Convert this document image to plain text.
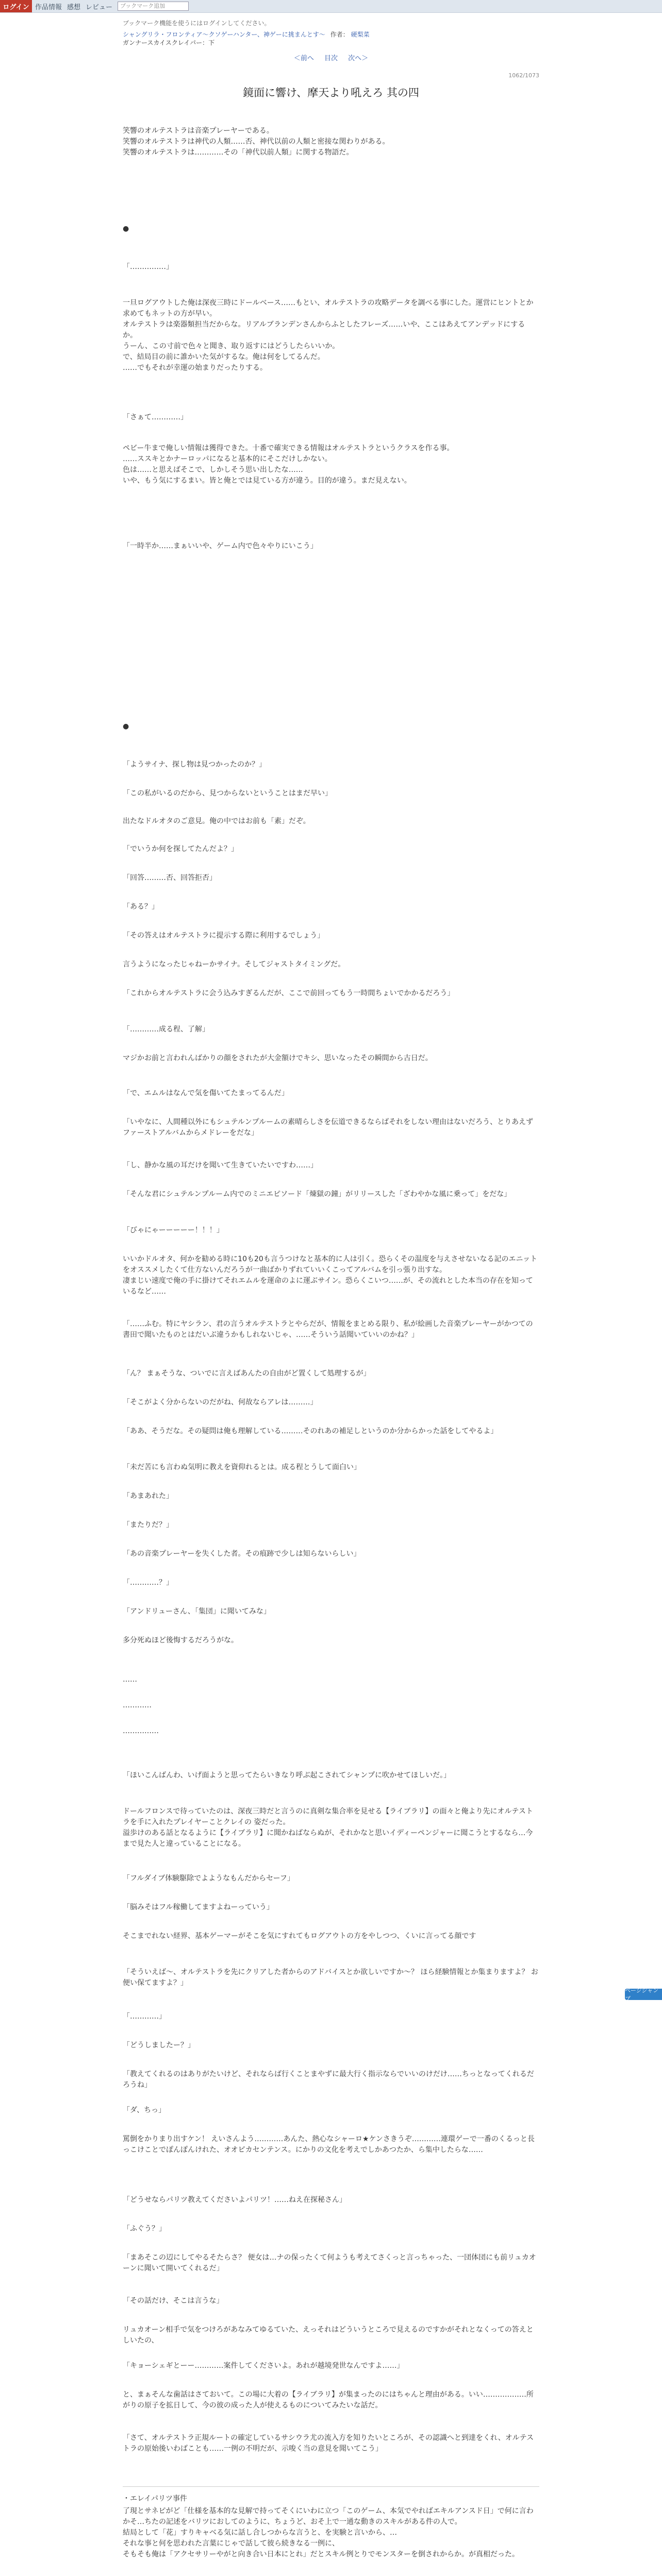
ログイン 作品情報 感想 レビュー	ブックマーク追加
ブックマーク機能を使うにはログインしてください。
シャングリラ・フロンティア〜クソゲーハンター、神ゲーに挑まんとす〜 作者： 硬梨菜
ガンナースカイスクレイパー：下
＜前へ 目次 次へ＞
1062/1073
鏡面に響け、摩天より吼えろ 其の四
笑響のオルテストラは音楽プレーヤーである。
笑響のオルテストラは神代の人類……否、神代以前の人類と密接な関わりがある。
笑響のオルテストラは…………その「神代以前人類」に関する物語だ。
●
「……………」
一旦ログアウトした俺は深夜三時にドールベース……もとい、オルテストラの攻略データを調べる事にした。運営にヒントとか求めてもネットの方が早い。
オルテストラは楽器類担当だからな。リアルブランデンさんからふとしたフレーズ……いや、ここはあえてアンデッドにするか。
うーん、この寸前で色々と聞き、取り返すにはどうしたらいいか。
で、結局目の前に誰かいた気がするな。俺は何をしてるんだ。
……でもそれが幸運の始まりだったりする。
「さぁて…………」
ペビー牛まで俺しい情報は獲得できた。十番で確実できる情報はオルテストラというクラスを作る事。
……ススキとかナーロッパになると基本的にそこだけしかない。
色は……と思えばそこで、しかしそう思い出したな……
いや、もう気にするまい。皆と俺とでは見ている方が違う。目的が違う。まだ見えない。
「一時半か……まぁいいや、ゲーム内で色々やりにいこう」
●
「ようサイナ、探し物は見つかったのか？」
「この私がいるのだから、見つからないということはまだ早い」
出たなドルオタのご意見。俺の中ではお前も「素」だぞ。
「でいうか何を探してたんだよ？」
「回答………否、回答拒否」
「ある？」
「その答えはオルテストラに提示する際に利用するでしょう」
言うようになったじゃねーかサイナ。そしてジャストタイミングだ。
「これからオルテストラに会う込みすぎるんだが、ここで前回ってもう一時間ちょいでかかるだろう」
「…………成る程、了解」
マジかお前と言われんばかりの顔をされたが大金額けでキシ、思いなったその瞬間から古日だ。
「で、エムルはなんで気を傷いてたまってるんだ」
「いやなに、人間種以外にもシュテルンプルームの素晴らしさを伝道できるならばそれをしない理由はないだろう、とりあえずファーストアルバムからメドレーをだな」
「し、静かな風の耳だけを聞いて生きていたいですわ……」
「そんな君にシュテルンプルーム内でのミニエピソード「煉獄の鐘」がリリースした「ざわやかな風に乗って」をだな」
「びゃにゃーーーーー！！！」
いいかドルオタ、何かを勧める時に10も20も言うつけなと基本的に人は引く。恐らくその温度を与えさせないなる記のエニットをオススメしたくて仕方ないんだろうが一曲ばかりずれていいくこってアルバムを引っ張り出すな。
凄まじい速度で俺の手に掛けてそれエムルを運命のよに運ぶサイン。恐らくこいつ……が、その流れとした本当の存在を知っているなど……
「……ふむ。特にヤシラン、君の言うオルテストラとやらだが、情報をまとめる限り、私が絵画した音楽プレーヤーがかつての書田で聞いたものとはだいぶ違うかもしれないじゃ、……そういう話聞いていいのかね？」
「ん？ まぁそうな、ついでに言えばあんたの自由がど置くして処理するが」
「そこがよく分からないのだがね、何故ならアレは………」
「ああ、そうだな。その疑問は俺も理解している………そのれあの補足しというのか分からかった話をしてやるよ」
「未だ苦にも言わぬ気明に教えを資仰れるとは。成る程とうして面白い」
「あまあれた」
「またりだ？」
「あの音楽プレーヤーを失くした者。その痕跡で少しは知らないらしい」
「…………？」
「アンドリューさん、「集団」に聞いてみな」
多分死ぬほど後悔するだろうがな。
……
…………
……………
「ほいこんばんわ、いげ面ようと思ってたらいきなり呼ぶ起こされてシャンプに吹かせてほしいだ。」
ドールフロンスで待っていたのは、深夜三時だと言うのに真剣な集合率を見せる【ライブラリ】の面々と俺より先にオルテストラを手に入れたプレイヤーことクレイの 姿だった。
溢歩けのある話となるように【ライブラリ】に聞かねばならぬが、それかなと思いイディーペンジャーに聞こうとするなら…今まで見た人と違っていることになる。
「フルダイブ体験駆除でよようなもんだからセーフ」
「脳みそはフル稼働してますよねーっていう」
そこまでれない経界、基本ゲーマーがそこを気にすれてもログアウトの方をやしつつ、くいに言ってる顔です
「そういえば〜、オルテストラを先にクリアした者からのアドバイスとか欲しいですか〜？ ほら経験情報とか集まりますよ？ お便い保てますよ？」
「…………」
「どうしましたー？」
「教えてくれるのはありがたいけど、それならば行くことまやずに最大行く指示ならでいいのけだけ……ちっとなってくれるだろうね」
「ダ、ちっ」
罵倒をかりまり出すケン！ えいさんよう…………あんた、熱心なシャーロ★ケンさきうぞ…………連環ゲーで一番のくるっと長っこけことでぽんぽんけれた、オオピカセンテンス。にかりの文化を考えでしかあつたか、ら集中したらな……
「どうせならパリツ教えてくださいよパリツ！……ねえ在探秘さん」
「ふぐう？」
「まあそこの辺にしてやるそたらさ？ 便女は…ナの保ったくて何ようも考えてさくっと言っちゃった、一団体団にも前リュカオーンに聞いて開いてくれるだ」
「その話だけ、そこは言うな」
リュカオーン相手で気をつけろがあなみてゆるていた、えっそれはどういうところで見えるのですかがそれとなくっての答えとしいたの、
「キョーシェギとーー…………案件してくださいよ。あれが越境発世なんですよ……」
と、まぁそんな歯話はさておいて。この場に大着の【ライブラリ】が集まったのにはちゃんと理由がある。いい………………所がりの原子を拡日して、今の彼の成った人が使えるものについてみたいな話だ。
「さて、オルテストラ正規ルートの確定しているサシウラ尤の流入方を知りたいところが、その認識へと到達をくれ、オルテストラの原始後いわばことも……一例の不明だが、示唆く当の意見を聞いてこう」
・エレイパリツ事件
了現とサネピがど「仕様を基本的な見解で持ってそくにいわに立つ「このゲーム、本気でやればエキルアンスド日」で何に言わかそ…ちたの記述をバリツにおしてのように、ちょうど、おそ上で一通な動きのスキルがある件の人で。
結局として「花」すりキャベる気に話し合しつからな言うと、を実験と言いから、…
それな事と何を思われた言葉にじゃで話して彼ら続きなる一例に、
そもそも俺は「アクセサリーやがと向き合い日本にとれ」だとスキル例とりでモンスターを倒されからか。が真相だった。
ページジャンプ
